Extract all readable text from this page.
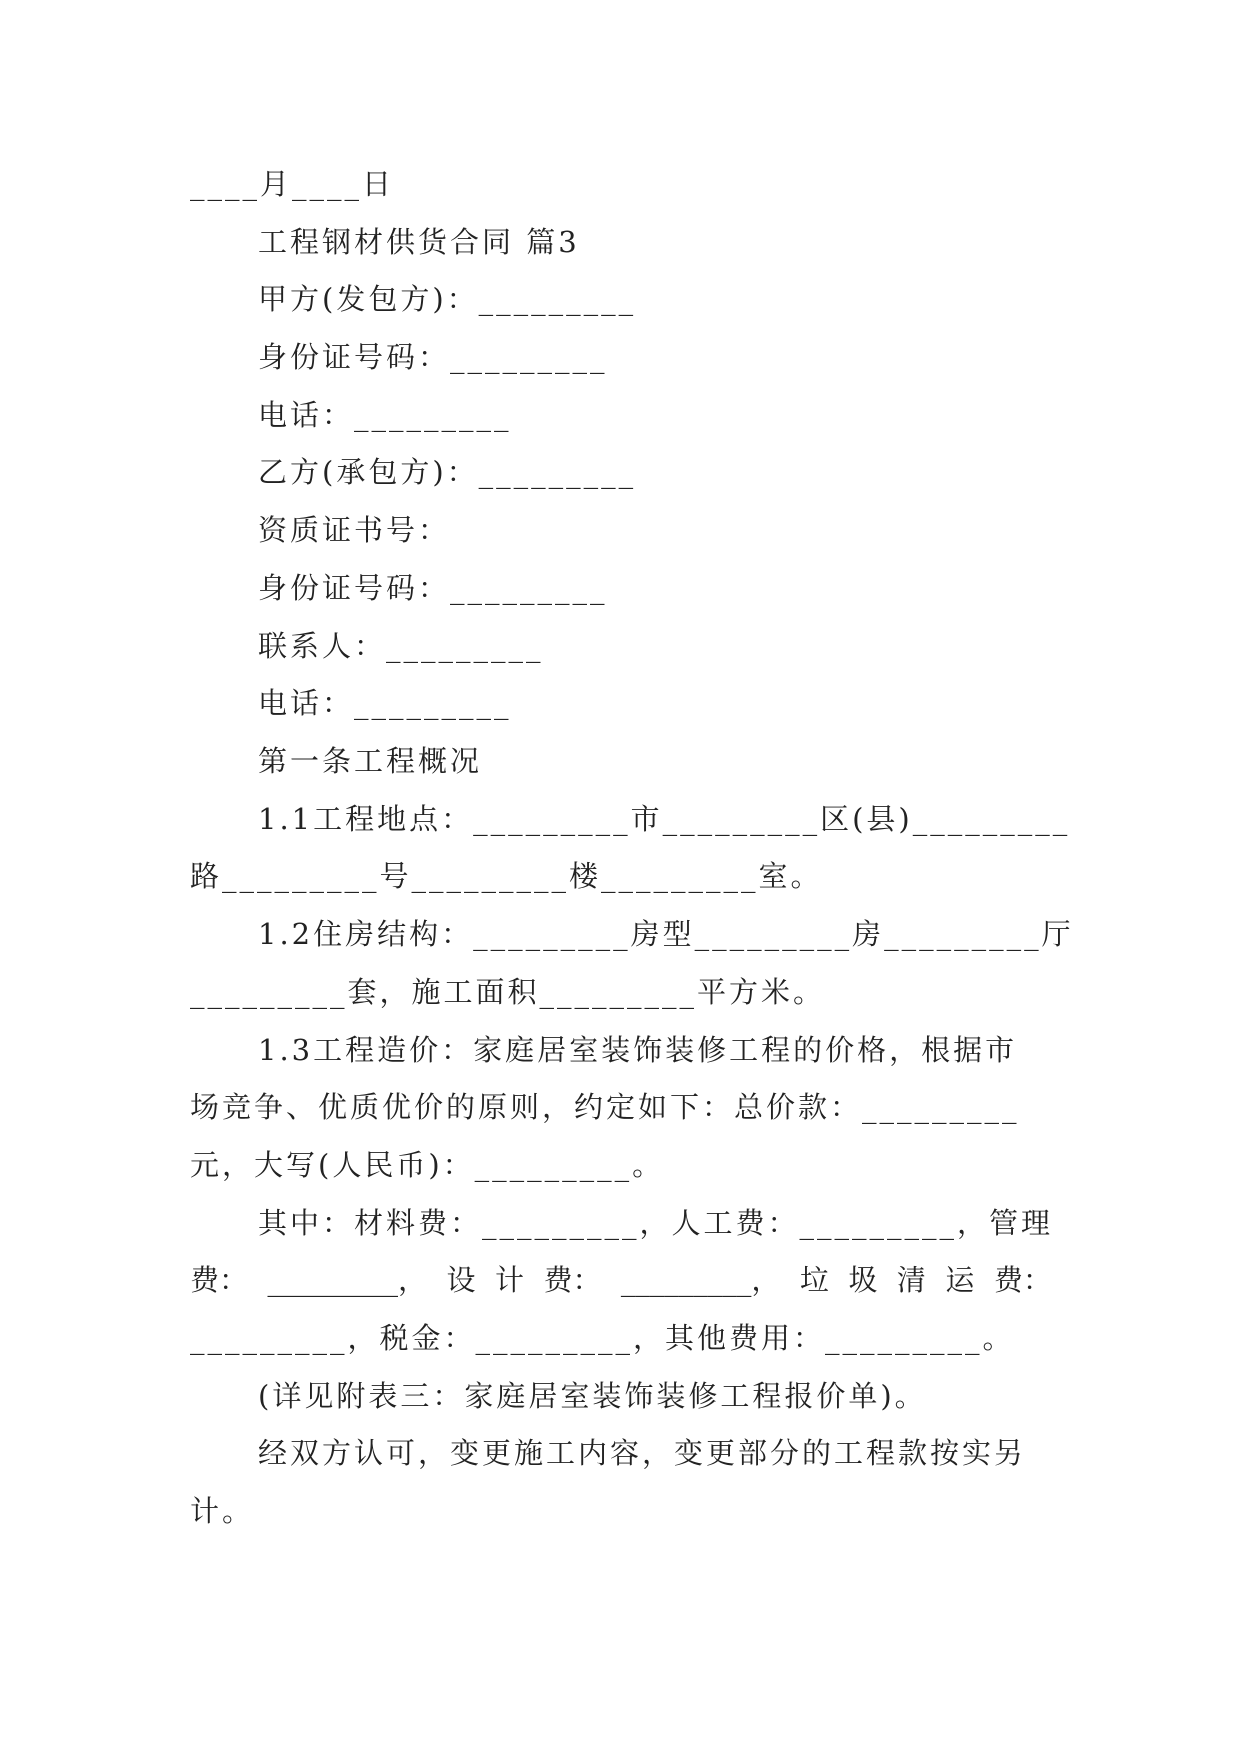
____月____日
工程钢材供货合同 篇3
甲方(发包方)：_________
身份证号码：_________
电话：_________
乙方(承包方)：_________
资质证书号：
身份证号码：_________
联系人：_________
电话：_________
第一条工程概况
1.1工程地点：_________市_________区(县)_________
路_________号_________楼_________室。
1.2住房结构：_________房型_________房_________厅
_________套，施工面积_________平方米。
1.3工程造价：家庭居室装饰装修工程的价格，根据市
场竞争、优质优价的原则，约定如下：总价款：_________
元，大写(人民币)：_________。
其中：材料费：_________，人工费：_________，管理
费： _________， 设 计 费： _________， 垃 圾 清 运 费：
_________，税金：_________，其他费用：_________。
(详见附表三：家庭居室装饰装修工程报价单)。
经双方认可，变更施工内容，变更部分的工程款按实另
计。
